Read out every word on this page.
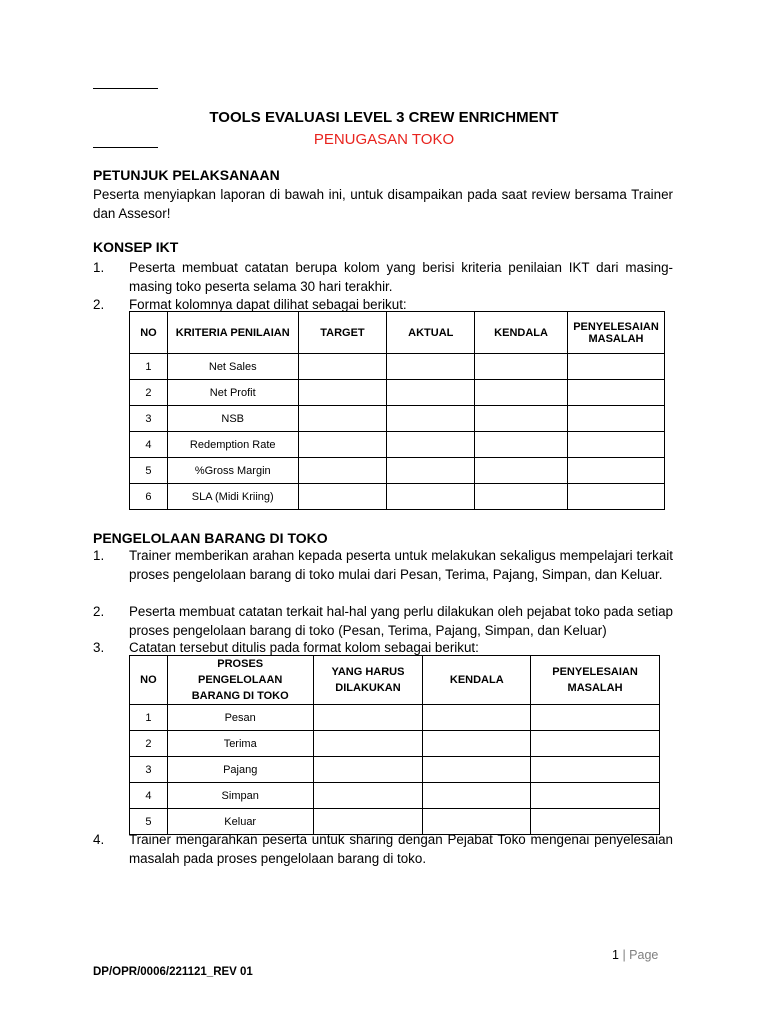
TOOLS EVALUASI LEVEL 3 CREW ENRICHMENT
PENUGASAN TOKO
PETUNJUK PELAKSANAAN
Peserta menyiapkan laporan di bawah ini, untuk disampaikan pada saat review bersama Trainer dan Assesor!
KONSEP IKT
1. Peserta membuat catatan berupa kolom yang berisi kriteria penilaian IKT dari masing-masing toko peserta selama 30 hari terakhir.
2. Format kolomnya dapat dilihat sebagai berikut:
NO	KRITERIA PENILAIAN	TARGET	AKTUAL	KENDALA	PENYELESAIAN MASALAH
1	Net Sales				
2	Net Profit				
3	NSB				
4	Redemption Rate				
5	%Gross Margin				
6	SLA (Midi Kriing)				
PENGELOLAAN BARANG DI TOKO
1. Trainer memberikan arahan kepada peserta untuk melakukan sekaligus mempelajari terkait proses pengelolaan barang di toko mulai dari Pesan, Terima, Pajang, Simpan, dan Keluar.
2. Peserta membuat catatan terkait hal-hal yang perlu dilakukan oleh pejabat toko pada setiap proses pengelolaan barang di toko (Pesan, Terima, Pajang, Simpan, dan Keluar)
3. Catatan tersebut ditulis pada format kolom sebagai berikut:
NO	PROSES PENGELOLAAN BARANG DI TOKO	YANG HARUS DILAKUKAN	KENDALA	PENYELESAIAN MASALAH
1	Pesan			
2	Terima			
3	Pajang			
4	Simpan			
5	Keluar			
4. Trainer mengarahkan peserta untuk sharing dengan Pejabat Toko mengenai penyelesaian masalah pada proses pengelolaan barang di toko.
1 | Page
DP/OPR/0006/221121_REV 01
